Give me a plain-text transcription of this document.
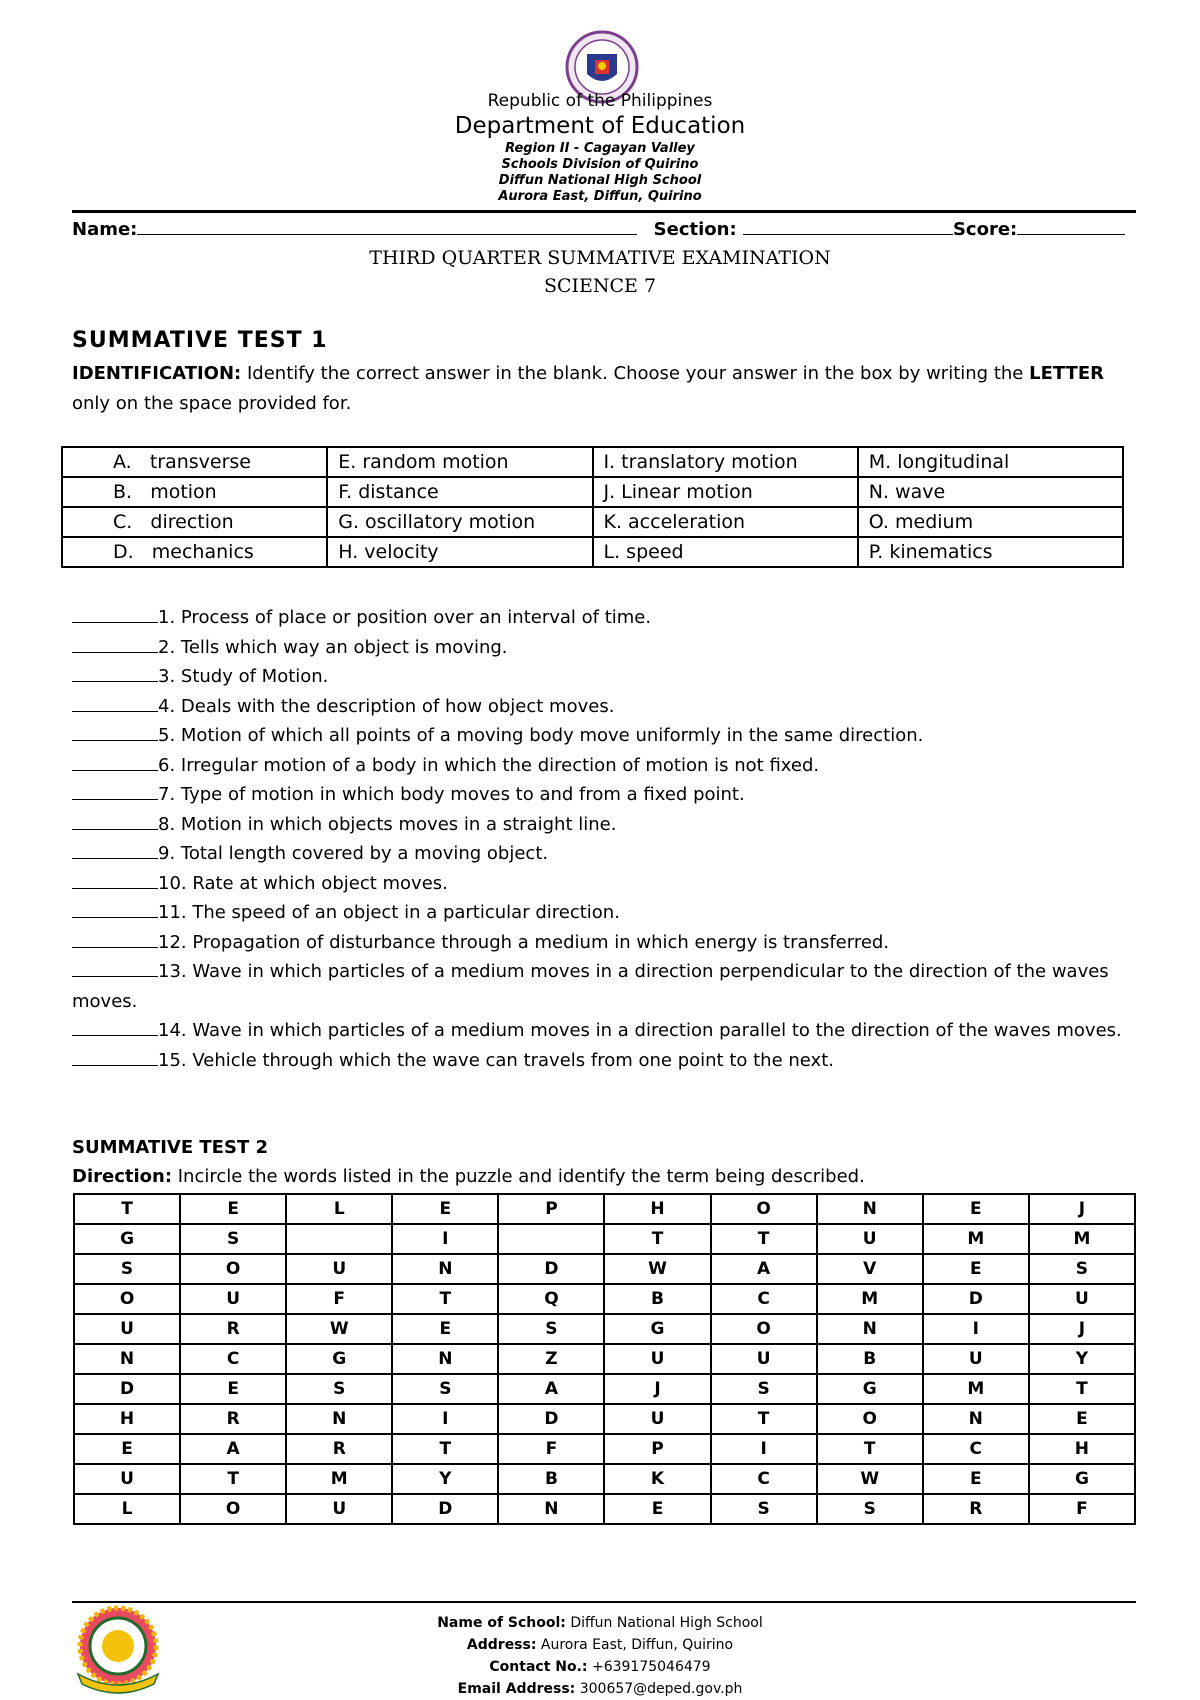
Republic of the Philippines
Department of Education
Region II - Cagayan Valley
Schools Division of Quirino
Diffun National High School
Aurora East, Diffun, Quirino
Name:	Section:	Score:
THIRD QUARTER SUMMATIVE EXAMINATION
SCIENCE 7
SUMMATIVE TEST 1
IDENTIFICATION: Identify the correct answer in the blank. Choose your answer in the box by writing the LETTER only on the space provided for.
A.   transverse	E. random motion	I. translatory motion	M. longitudinal
B.   motion	F. distance	J. Linear motion	N. wave
C.   direction	G. oscillatory motion	K. acceleration	O. medium
D.   mechanics	H. velocity	L. speed	P. kinematics
1. Process of place or position over an interval of time.
2. Tells which way an object is moving.
3. Study of Motion.
4. Deals with the description of how object moves.
5. Motion of which all points of a moving body move uniformly in the same direction.
6. Irregular motion of a body in which the direction of motion is not fixed.
7. Type of motion in which body moves to and from a fixed point.
8. Motion in which objects moves in a straight line.
9. Total length covered by a moving object.
10. Rate at which object moves.
11. The speed of an object in a particular direction.
12. Propagation of disturbance through a medium in which energy is transferred.
13. Wave in which particles of a medium moves in a direction perpendicular to the direction of the waves moves.
14. Wave in which particles of a medium moves in a direction parallel to the direction of the waves moves.
15. Vehicle through which the wave can travels from one point to the next.
SUMMATIVE TEST 2
Direction: Incircle the words listed in the puzzle and identify the term being described.
T	E	L	E	P	H	O	N	E	J
G	S		I		T	T	U	M	M
S	O	U	N	D	W	A	V	E	S
O	U	F	T	Q	B	C	M	D	U
U	R	W	E	S	G	O	N	I	J
N	C	G	N	Z	U	U	B	U	Y
D	E	S	S	A	J	S	G	M	T
H	R	N	I	D	U	T	O	N	E
E	A	R	T	F	P	I	T	C	H
U	T	M	Y	B	K	C	W	E	G
L	O	U	D	N	E	S	S	R	F
Name of School: Diffun National High School
Address: Aurora East, Diffun, Quirino
Contact No.: +639175046479
Email Address: 300657@deped.gov.ph
